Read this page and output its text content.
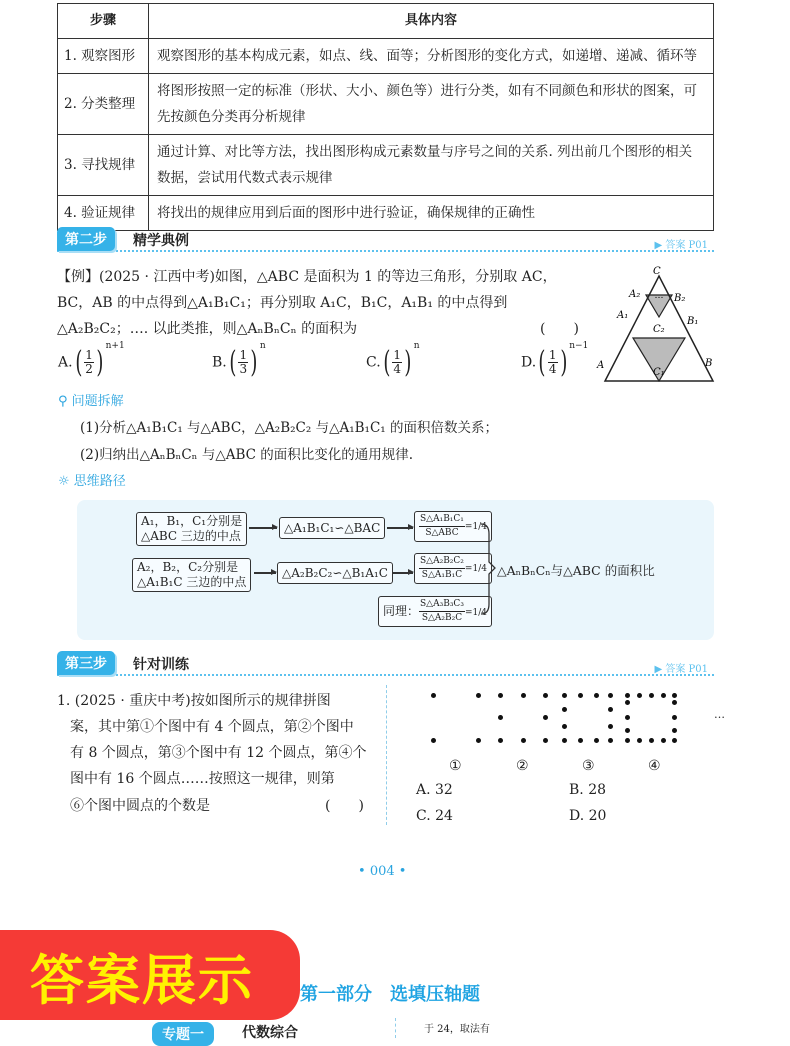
步骤	具体内容
1. 观察图形	观察图形的基本构成元素，如点、线、面等；分析图形的变化方式，如递增、递减、循环等
2. 分类整理	将图形按照一定的标准（形状、大小、颜色等）进行分类，如有不同颜色和形状的图案，可先按颜色分类再分析规律
3. 寻找规律	通过计算、对比等方法，找出图形构成元素数量与序号之间的关系. 列出前几个图形的相关数据，尝试用代数式表示规律
4. 验证规律	将找出的规律应用到后面的图形中进行验证，确保规律的正确性
第二步	精学典例	▶ 答案 P01
【例】(2025 · 江西中考)如图，△ABC 是面积为 1 的等边三角形，分别取 AC，
BC，AB 的中点得到△A₁B₁C₁；再分别取 A₁C，B₁C，A₁B₁ 的中点得到
△A₂B₂C₂；…. 以此类推，则△AₙBₙCₙ 的面积为	(　　)
$A.( \frac{1}{2}$ ) $^{n+1}$
$B.( \frac{1}{3}$ ) $^n$
$C.( \frac{1}{4}$ ) $^n$
$D.( \frac{1}{4}$ ) $^{n-1}$
…
C
A₂	B₂
A₁
B₁
C₂
A	B
C₁
⚲ 问题拆解
(1)分析△A₁B₁C₁ 与△ABC，△A₂B₂C₂ 与△A₁B₁C₁ 的面积倍数关系；
(2)归纳出△AₙBₙCₙ 与△ABC 的面积比变化的通用规律.
☼ 思维路径
A₁，B₁，C₁分别是
△ABC 三边的中点
△A₁B₁C₁∽△BAC	$\frac{\text{S△A₁B₁C₁}}{\text{S△ABC}} =1/4$
A₂，B₂，C₂分别是
△A₁B₁C 三边的中点
△A₂B₂C₂∽△B₁A₁C	$\frac{\text{S△A₂B₂C₂}}{\text{S△A₁B₁C}} =1/4$
同理： $\frac{\text{S△A₃B₃C₃}}{\text{S△A₂B₂C}} =1/4$
△AₙBₙCₙ与△ABC 的面积比
第三步	针对训练	▶ 答案 P01
1. (2025 · 重庆中考)按如图所示的规律拼图
案，其中第①个图中有 4 个圆点，第②个图中
有 8 个圆点，第③个图中有 12 个圆点，第④个
图中有 16 个圆点……按照这一规律，则第
⑥个图中圆点的个数是	(　　)
…
①	②	③	④
A. 32	B. 28
C. 24	D. 20
• 004 •
第一部分　选填压轴题
专题一	代数综合	于 24，取法有
答案展示
